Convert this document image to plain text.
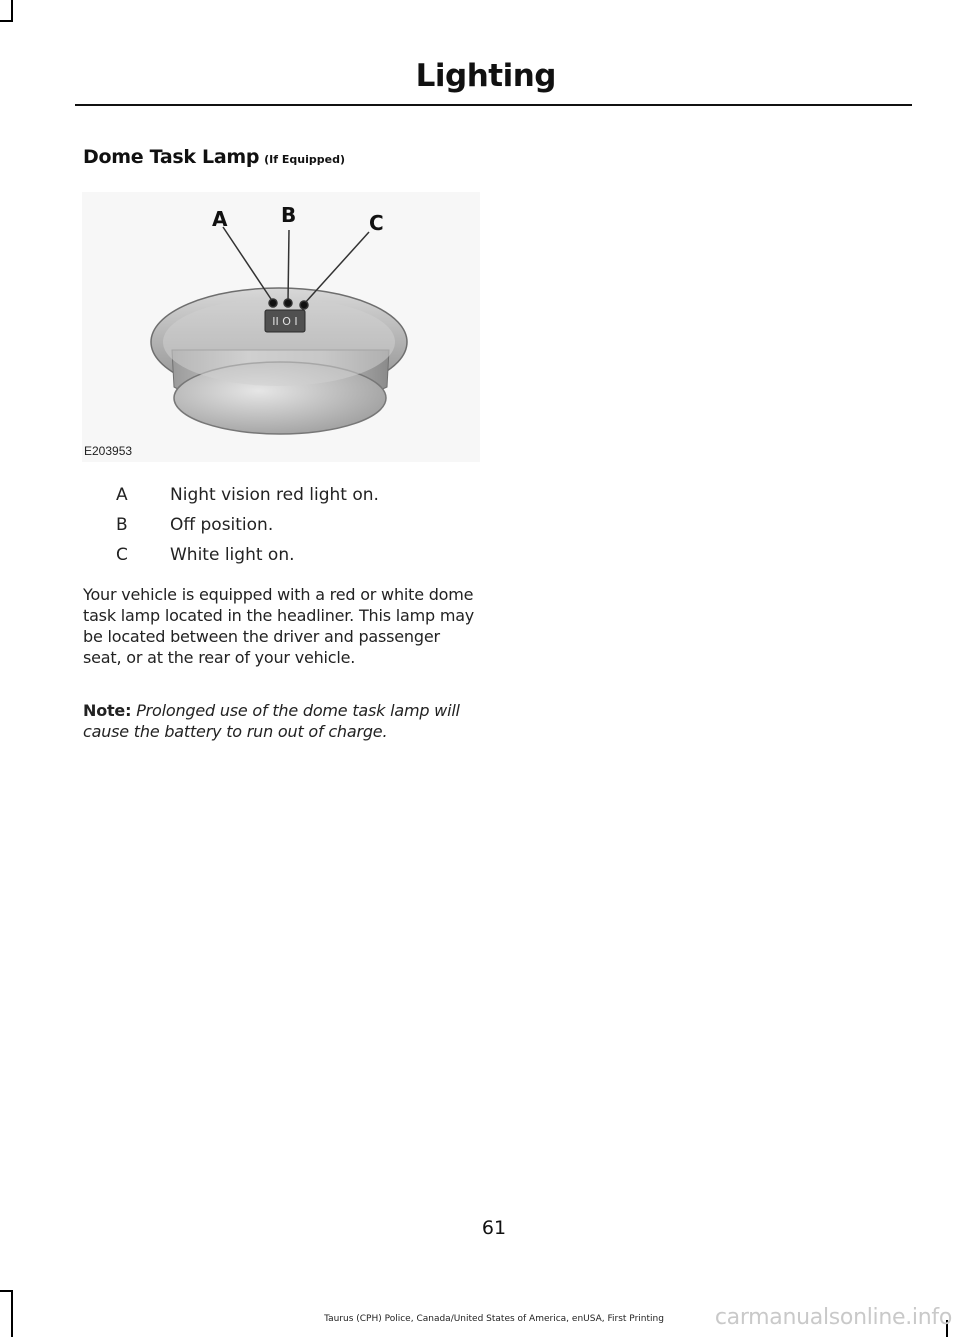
Lighting
Dome Task Lamp (If Equipped)
II O I
A	B	C
E203953
A	Night vision red light on.
B	Off position.
C	White light on.

Your vehicle is equipped with a red or white dome task lamp located in the headliner. This lamp may be located between the driver and passenger seat, or at the rear of your vehicle.

Note: Prolonged use of the dome task lamp will cause the battery to run out of charge.

61
Taurus (CPH) Police, Canada/United States of America, enUSA, First Printing	carmanualsonline.info
